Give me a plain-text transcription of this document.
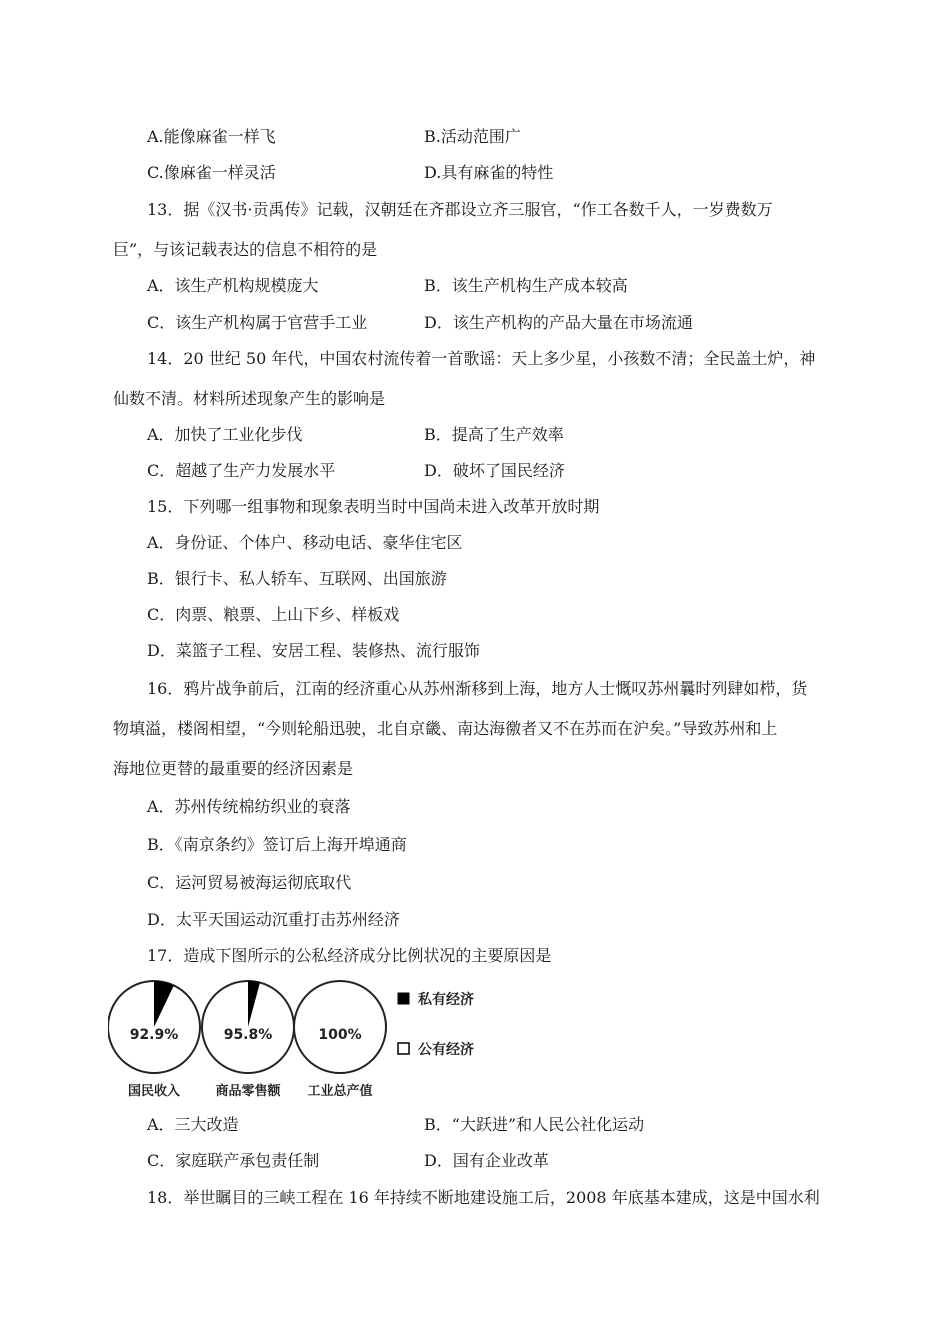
A.能像麻雀一样飞	B.活动范围广
C.像麻雀一样灵活	D.具有麻雀的特性
13．据《汉书·贡禹传》记载，汉朝廷在齐郡设立齐三服官，“作工各数千人，一岁费数万
巨”，与该记载表达的信息不相符的是
A．该生产机构规模庞大	B．该生产机构生产成本较高
C．该生产机构属于官营手工业	D．该生产机构的产品大量在市场流通
14．20 世纪 50 年代，中国农村流传着一首歌谣：天上多少星，小孩数不清；全民盖土炉，神
仙数不清。材料所述现象产生的影响是
A．加快了工业化步伐	B．提高了生产效率
C．超越了生产力发展水平	D．破坏了国民经济
15．下列哪一组事物和现象表明当时中国尚未进入改革开放时期
A．身份证、个体户、移动电话、豪华住宅区
B．银行卡、私人轿车、互联网、出国旅游
C．肉票、粮票、上山下乡、样板戏
D．菜篮子工程、安居工程、装修热、流行服饰
16．鸦片战争前后，江南的经济重心从苏州渐移到上海，地方人士慨叹苏州曩时列肆如栉，货
物填溢，楼阁相望，“今则轮船迅驶，北自京畿、南达海徼者又不在苏而在沪矣。”导致苏州和上
海地位更替的最重要的经济因素是
A．苏州传统棉纺织业的衰落
B．《南京条约》签订后上海开埠通商
C．运河贸易被海运彻底取代
D．太平天国运动沉重打击苏州经济
17．造成下图所示的公私经济成分比例状况的主要原因是
92.9%
国民收入
95.8%
商品零售额
100%
工业总产值
私有经济
公有经济
A．三大改造	B．“大跃进”和人民公社化运动
C．家庭联产承包责任制	D．国有企业改革
18．举世瞩目的三峡工程在 16 年持续不断地建设施工后，2008 年底基本建成，这是中国水利
